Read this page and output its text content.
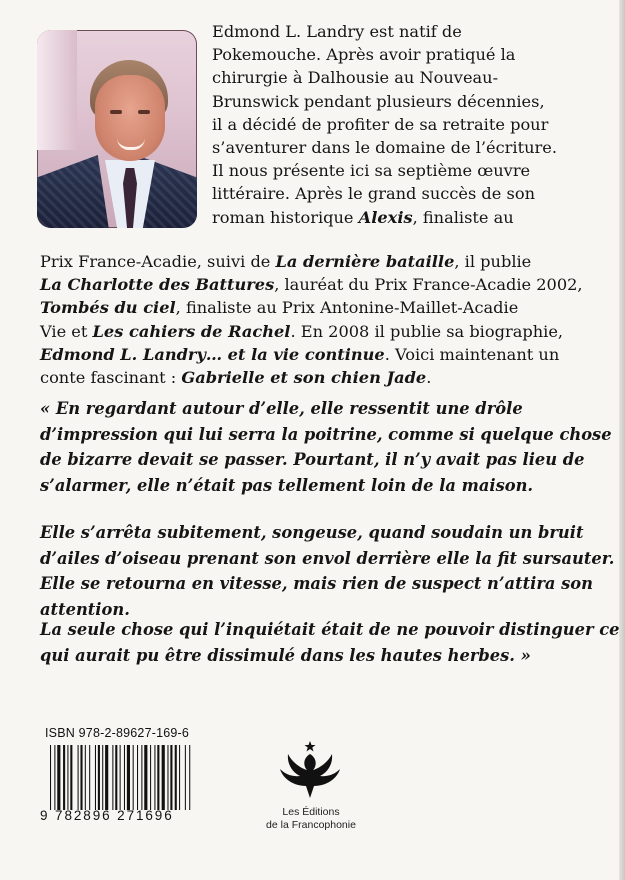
Edmond L. Landry est natif de
Pokemouche. Après avoir pratiqué la
chirurgie à Dalhousie au Nouveau-
Brunswick pendant plusieurs décennies,
il a décidé de profiter de sa retraite pour
s’aventurer dans le domaine de l’écriture.
Il nous présente ici sa septième œuvre
littéraire. Après le grand succès de son
roman historique Alexis, finaliste au
Prix France-Acadie, suivi de La dernière bataille, il publie
La Charlotte des Battures, lauréat du Prix France-Acadie 2002,
Tombés du ciel, finaliste au Prix Antonine-Maillet-Acadie
Vie et Les cahiers de Rachel. En 2008 il publie sa biographie,
Edmond L. Landry… et la vie continue. Voici maintenant un
conte fascinant : Gabrielle et son chien Jade.
« En regardant autour d’elle, elle ressentit une drôle
d’impression qui lui serra la poitrine, comme si quelque chose
de bizarre devait se passer. Pourtant, il n’y avait pas lieu de
s’alarmer, elle n’était pas tellement loin de la maison.
Elle s’arrêta subitement, songeuse, quand soudain un bruit
d’ailes d’oiseau prenant son envol derrière elle la fit sursauter.
Elle se retourna en vitesse, mais rien de suspect n’attira son
attention.
La seule chose qui l’inquiétait était de ne pouvoir distinguer ce
qui aurait pu être dissimulé dans les hautes herbes. »
ISBN 978-2-89627-169-6
9 782896 271696	Les Éditions
de la Francophonie
